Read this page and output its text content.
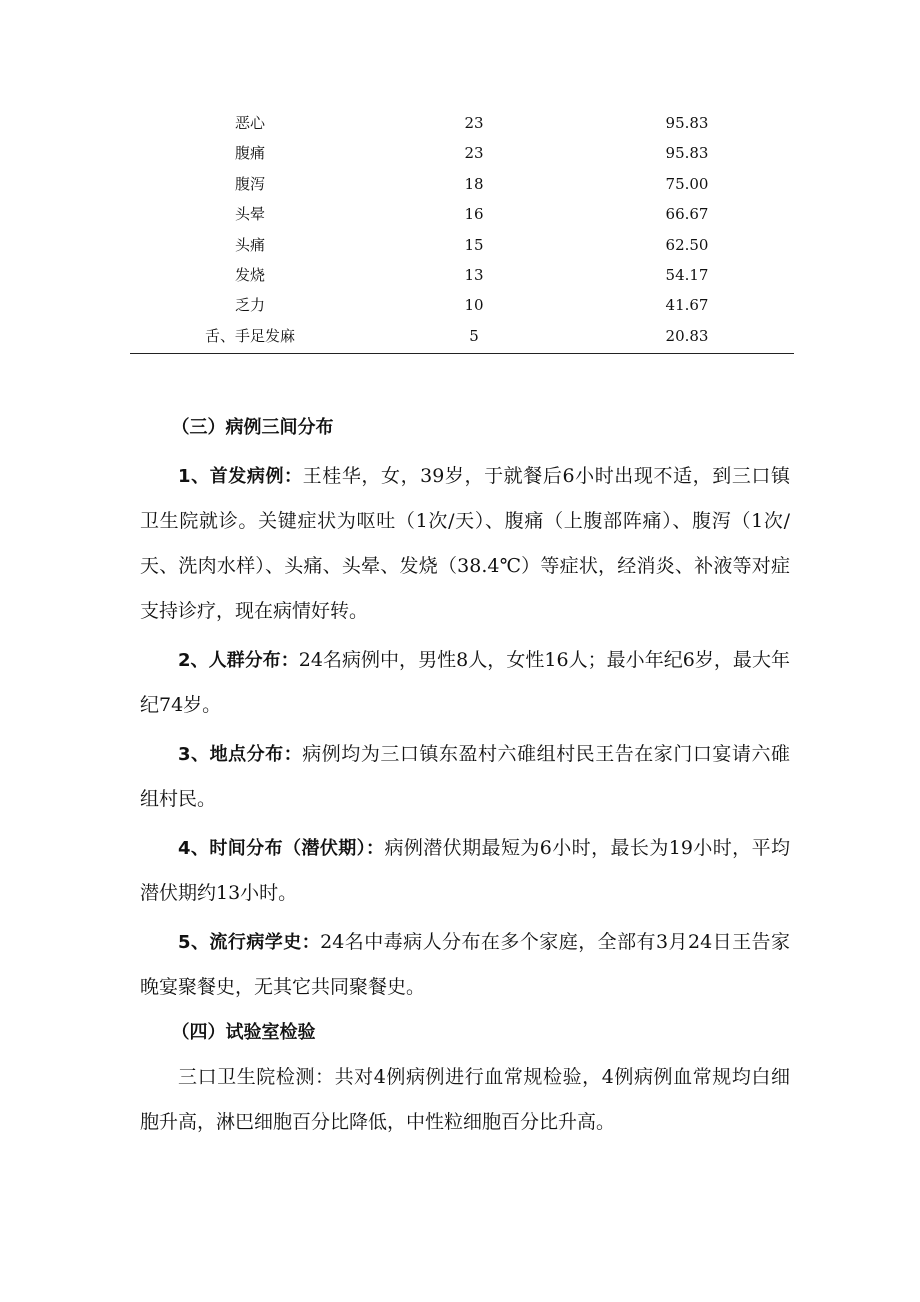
恶心	23	95.83
腹痛	23	95.83
腹泻	18	75.00
头晕	16	66.67
头痛	15	62.50
发烧	13	54.17
乏力	10	41.67
舌、手足发麻	5	20.83

（三）病例三间分布

1、首发病例：王桂华，女，39岁，于就餐后6小时出现不适，到三口镇卫生院就诊。关键症状为呕吐（1次/天）、腹痛（上腹部阵痛）、腹泻（1次/天、洗肉水样）、头痛、头晕、发烧（38.4℃）等症状，经消炎、补液等对症支持诊疗，现在病情好转。

2、人群分布：24名病例中，男性8人，女性16人；最小年纪6岁，最大年纪74岁。

3、地点分布：病例均为三口镇东盈村六碓组村民王告在家门口宴请六碓组村民。

4、时间分布（潜伏期）：病例潜伏期最短为6小时，最长为19小时，平均潜伏期约13小时。

5、流行病学史：24名中毒病人分布在多个家庭，全部有3月24日王告家晚宴聚餐史，无其它共同聚餐史。

（四）试验室检验

三口卫生院检测：共对4例病例进行血常规检验，4例病例血常规均白细胞升高，淋巴细胞百分比降低，中性粒细胞百分比升高。
